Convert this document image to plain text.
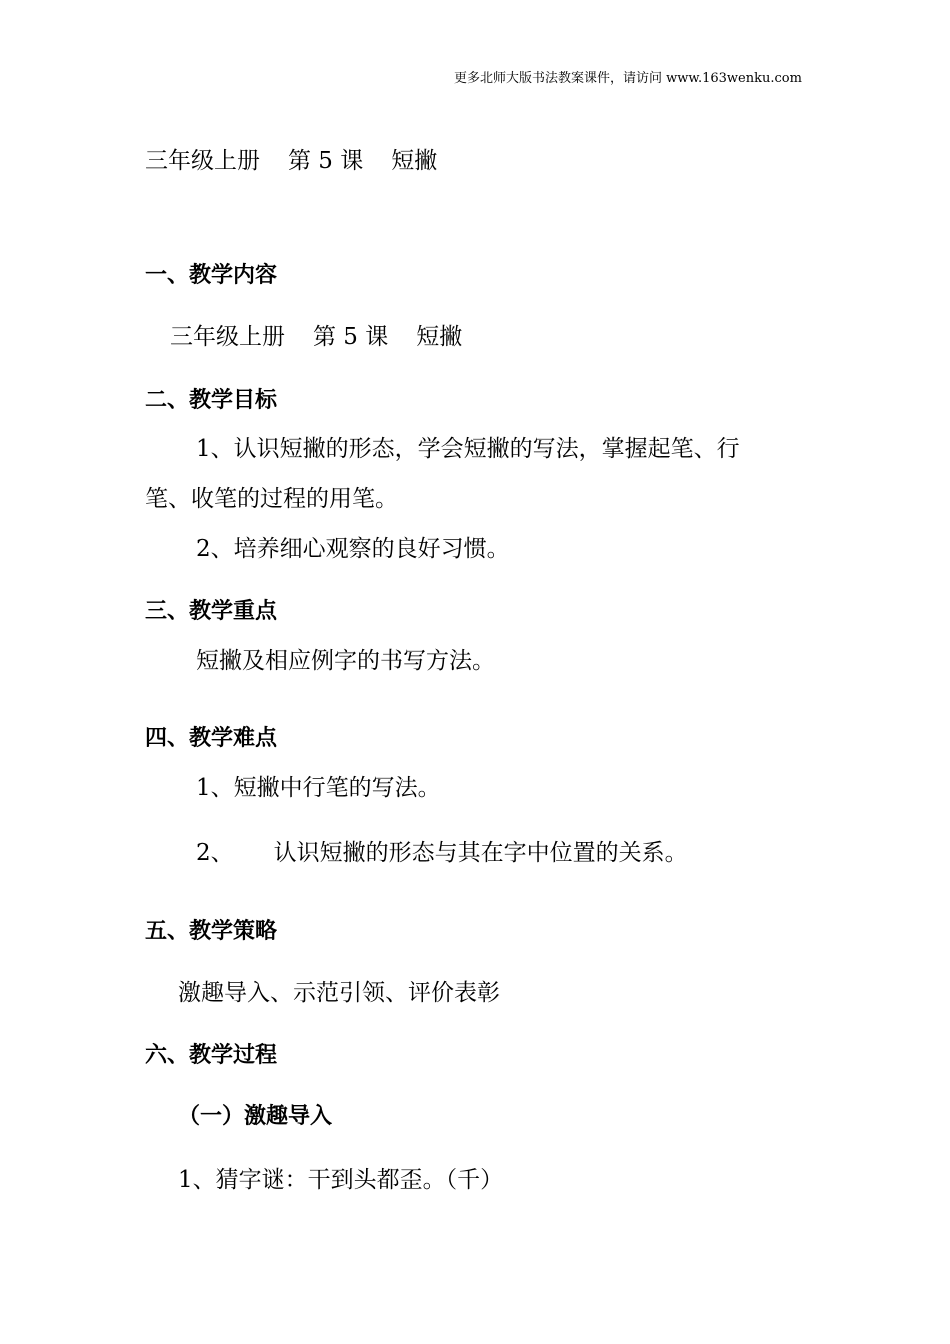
更多北师大版书法教案课件，请访问 www.163wenku.com
三年级上册 第 5 课 短撇
一、教学内容
三年级上册 第 5 课 短撇
二、教学目标
1、认识短撇的形态，学会短撇的写法，掌握起笔、行
笔、收笔的过程的用笔。
2、培养细心观察的良好习惯。
三、教学重点
短撇及相应例字的书写方法。
四、教学难点
1、短撇中行笔的写法。
2、 认识短撇的形态与其在字中位置的关系。
五、教学策略
激趣导入、示范引领、评价表彰
六、教学过程
（一）激趣导入
1、猜字谜：干到头都歪。（千）
